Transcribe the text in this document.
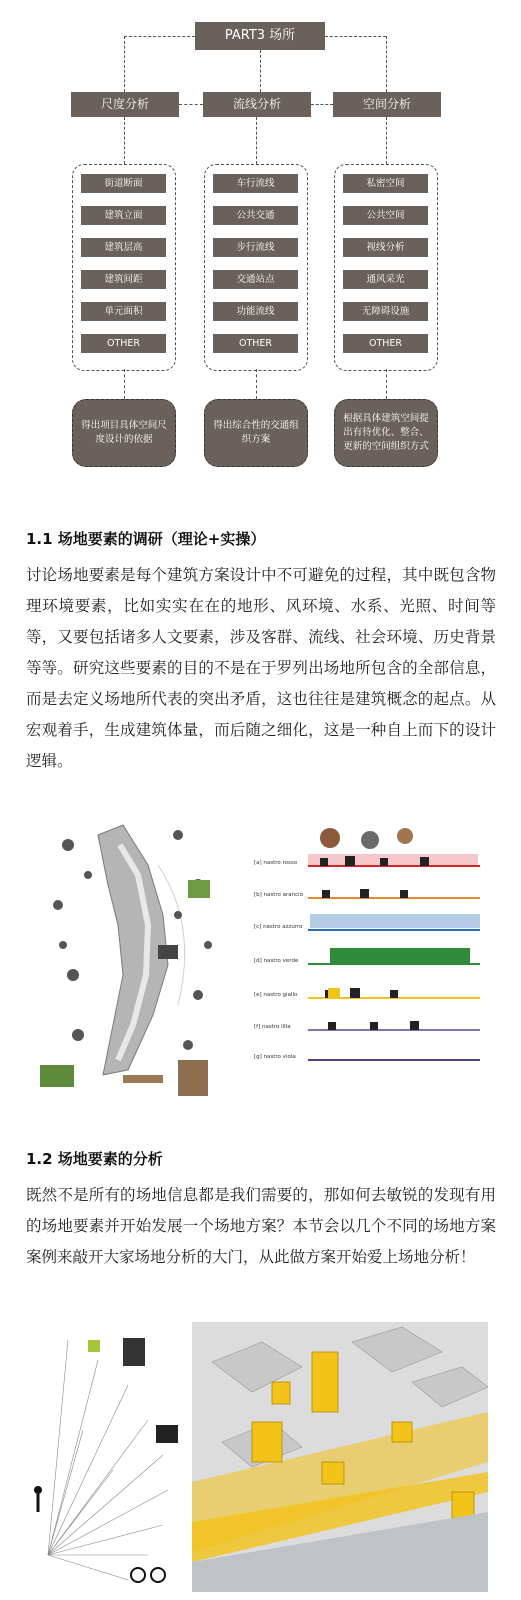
PART3 场所
尺度分析	流线分析	空间分析
街道断面
建筑立面
建筑层高
建筑间距
单元面积
OTHER
车行流线
公共交通
步行流线
交通站点
功能流线
OTHER
私密空间
公共空间
视线分析
通风采光
无障碍设施
OTHER
得出项目具体空间尺度设计的依据
得出综合性的交通组织方案
根据具体建筑空间提出有待优化、整合、更新的空间组织方式
1.1 场地要素的调研（理论+实操）
讨论场地要素是每个建筑方案设计中不可避免的过程，其中既包含物理环境要素，比如实实在在的地形、风环境、水系、光照、时间等等，又要包括诸多人文要素，涉及客群、流线、社会环境、历史背景等等。研究这些要素的目的不是在于罗列出场地所包含的全部信息，而是去定义场地所代表的突出矛盾，这也往往是建筑概念的起点。从宏观着手，生成建筑体量，而后随之细化，这是一种自上而下的设计逻辑。
[a] nastro rosso
[b] nastro arancio
[c] nastro azzurro
[d] nastro verde
[e] nastro giallo
[f] nastro lilla
[g] nastro viola
1.2 场地要素的分析
既然不是所有的场地信息都是我们需要的，那如何去敏锐的发现有用的场地要素并开始发展一个场地方案？本节会以几个不同的场地方案案例来敲开大家场地分析的大门，从此做方案开始爱上场地分析！
